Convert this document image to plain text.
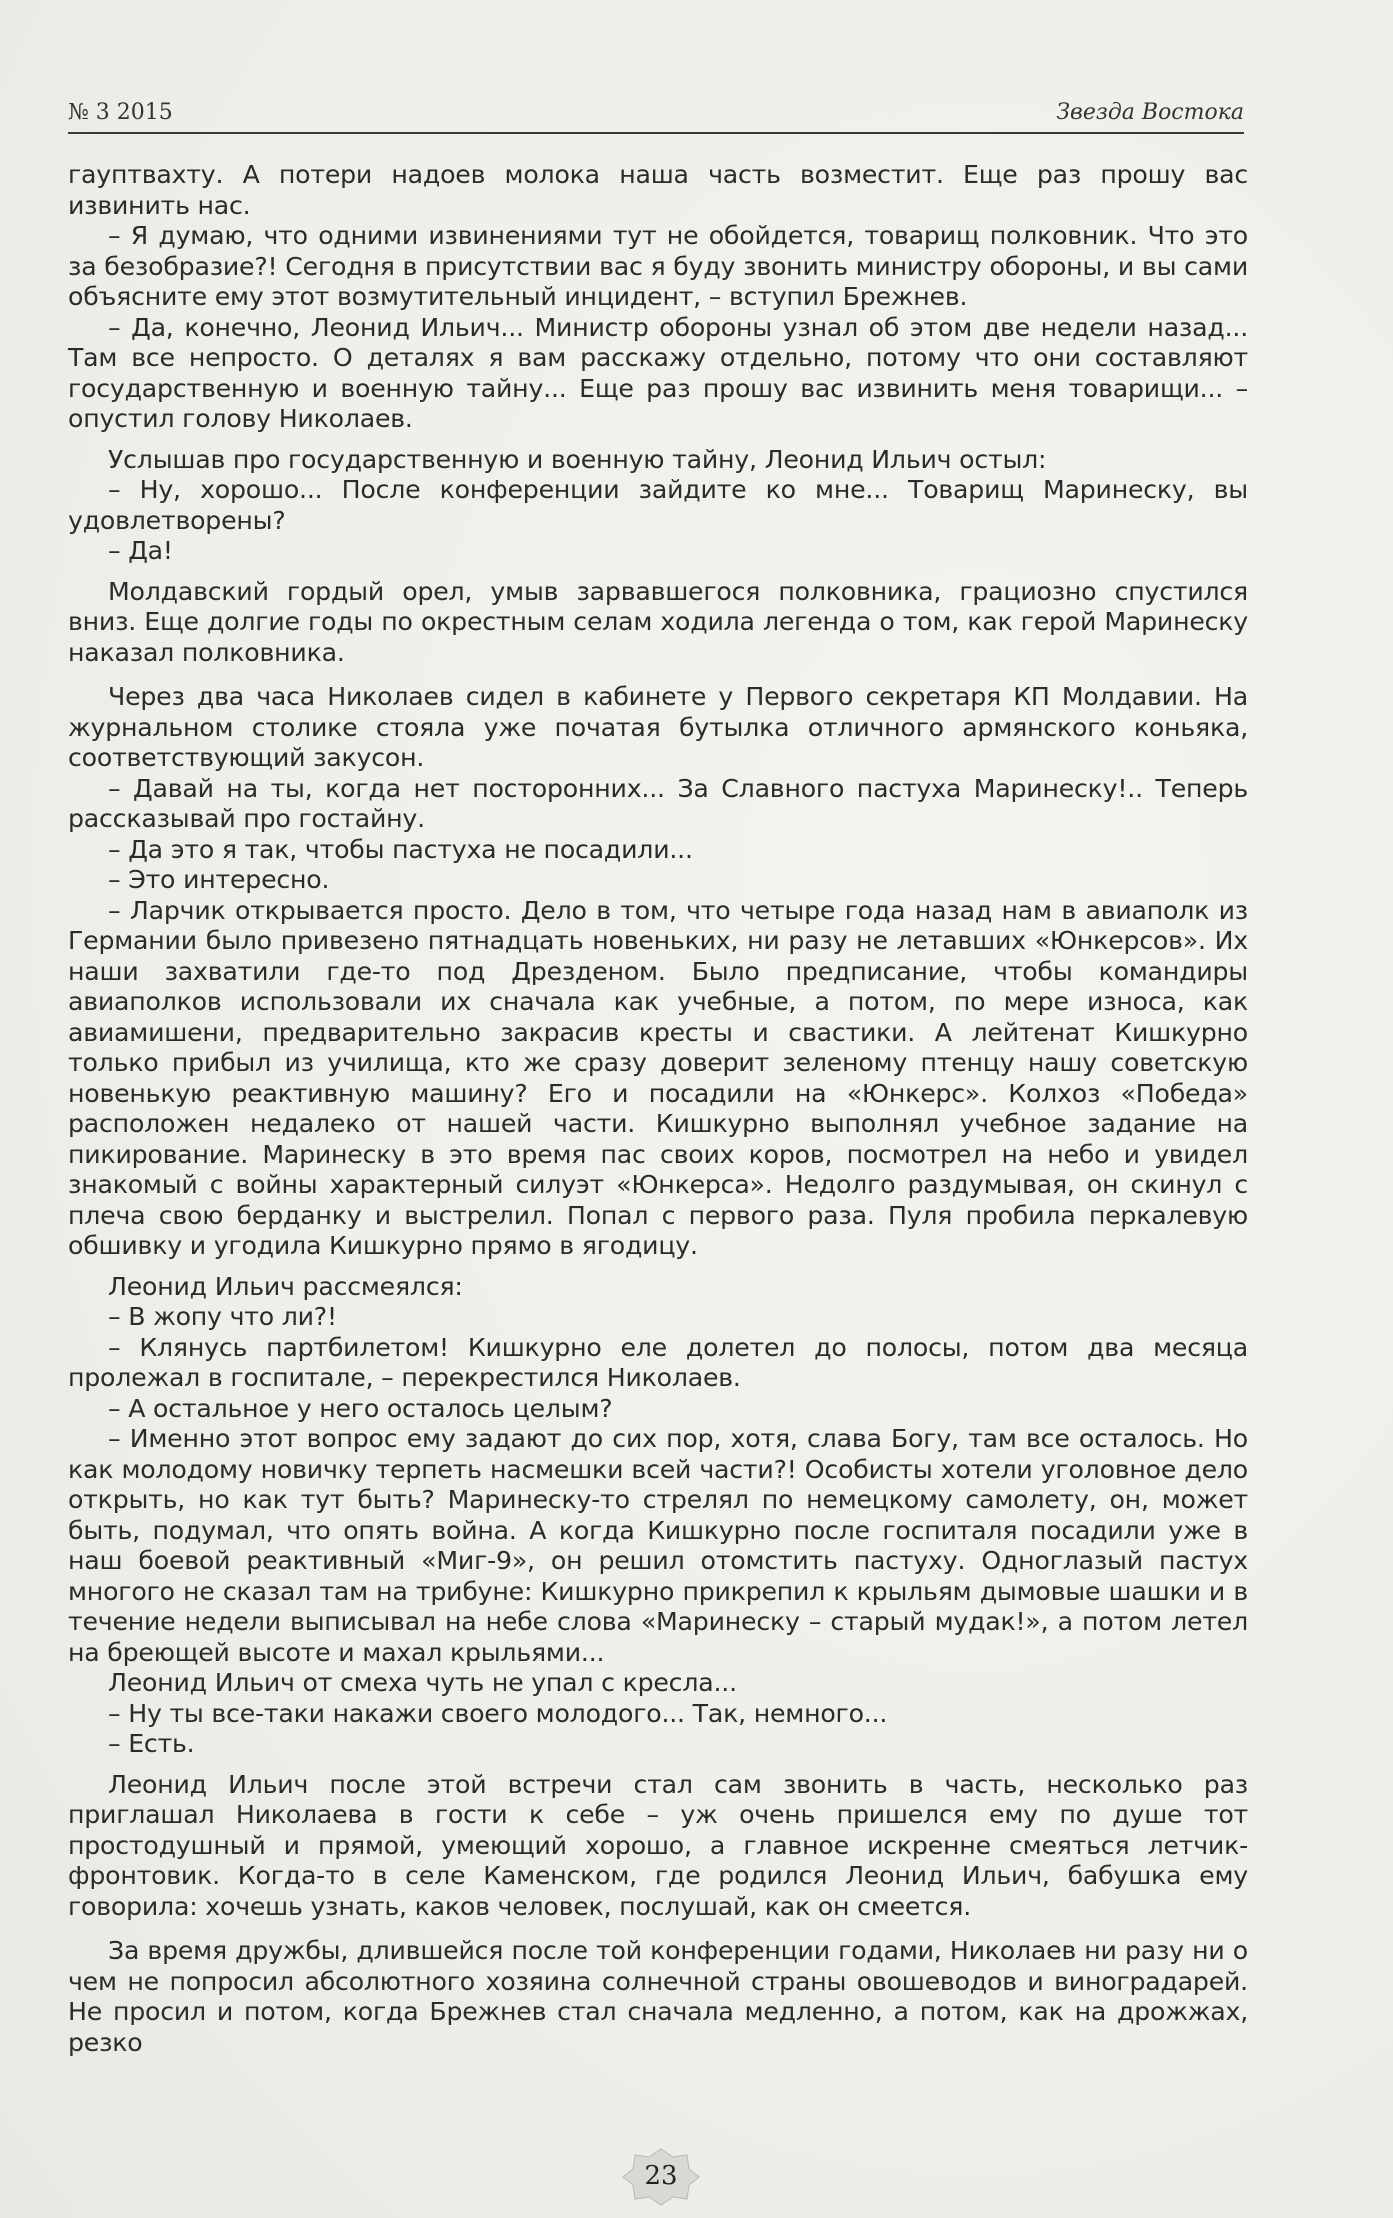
№ 3 2015	Звезда Востока

гауптвахту. А потери надоев молока наша часть возместит. Еще раз прошу вас извинить нас.

– Я думаю, что одними извинениями тут не обойдется, товарищ полковник. Что это за безобразие?! Сегодня в присутствии вас я буду звонить министру обороны, и вы сами объясните ему этот возмутительный инцидент, – вступил Брежнев.

– Да, конечно, Леонид Ильич... Министр обороны узнал об этом две недели назад... Там все непросто. О деталях я вам расскажу отдельно, потому что они составляют государственную и военную тайну... Еще раз прошу вас извинить меня товарищи... – опустил голову Николаев.

Услышав про государственную и военную тайну, Леонид Ильич остыл:

– Ну, хорошо... После конференции зайдите ко мне... Товарищ Маринеску, вы удовлетворены?

– Да!

Молдавский гордый орел, умыв зарвавшегося полковника, грациозно спустился вниз. Еще долгие годы по окрестным селам ходила легенда о том, как герой Маринеску наказал полковника.

Через два часа Николаев сидел в кабинете у Первого секретаря КП Молдавии. На журнальном столике стояла уже початая бутылка отличного армянского коньяка, соответствующий закусон.

– Давай на ты, когда нет посторонних... За Славного пастуха Маринеску!.. Теперь рассказывай про гостайну.

– Да это я так, чтобы пастуха не посадили...

– Это интересно.

– Ларчик открывается просто. Дело в том, что четыре года назад нам в авиаполк из Германии было привезено пятнадцать новеньких, ни разу не летавших «Юнкерсов». Их наши захватили где-то под Дрезденом. Было предписание, чтобы командиры авиаполков использовали их сначала как учебные, а потом, по мере износа, как авиамишени, предварительно закрасив кресты и свастики. А лейтенат Кишкурно только прибыл из училища, кто же сразу доверит зеленому птенцу нашу советскую новенькую реактивную машину? Его и посадили на «Юнкерс». Колхоз «Победа» расположен недалеко от нашей части. Кишкурно выполнял учебное задание на пикирование. Маринеску в это время пас своих коров, посмотрел на небо и увидел знакомый с войны характерный силуэт «Юнкерса». Недолго раздумывая, он скинул с плеча свою берданку и выстрелил. Попал с первого раза. Пуля пробила перкалевую обшивку и угодила Кишкурно прямо в ягодицу.

Леонид Ильич рассмеялся:

– В жопу что ли?!

– Клянусь партбилетом! Кишкурно еле долетел до полосы, потом два месяца пролежал в госпитале, – перекрестился Николаев.

– А остальное у него осталось целым?

– Именно этот вопрос ему задают до сих пор, хотя, слава Богу, там все осталось. Но как молодому новичку терпеть насмешки всей части?! Особисты хотели уголовное дело открыть, но как тут быть? Маринеску-то стрелял по немецкому самолету, он, может быть, подумал, что опять война. А когда Кишкурно после госпиталя посадили уже в наш боевой реактивный «Миг-9», он решил отомстить пастуху. Одноглазый пастух многого не сказал там на трибуне: Кишкурно прикрепил к крыльям дымовые шашки и в течение недели выписывал на небе слова «Маринеску – старый мудак!», а потом летел на бреющей высоте и махал крыльями...

Леонид Ильич от смеха чуть не упал с кресла...

– Ну ты все-таки накажи своего молодого... Так, немного...

– Есть.

Леонид Ильич после этой встречи стал сам звонить в часть, несколько раз приглашал Николаева в гости к себе – уж очень пришелся ему по душе тот простодушный и прямой, умеющий хорошо, а главное искренне смеяться летчик-фронтовик. Когда-то в селе Каменском, где родился Леонид Ильич, бабушка ему говорила: хочешь узнать, каков человек, послушай, как он смеется.

За время дружбы, длившейся после той конференции годами, Николаев ни разу ни о чем не попросил абсолютного хозяина солнечной страны овошеводов и виноградарей. Не просил и потом, когда Брежнев стал сначала медленно, а потом, как на дрожжах, резко

23
